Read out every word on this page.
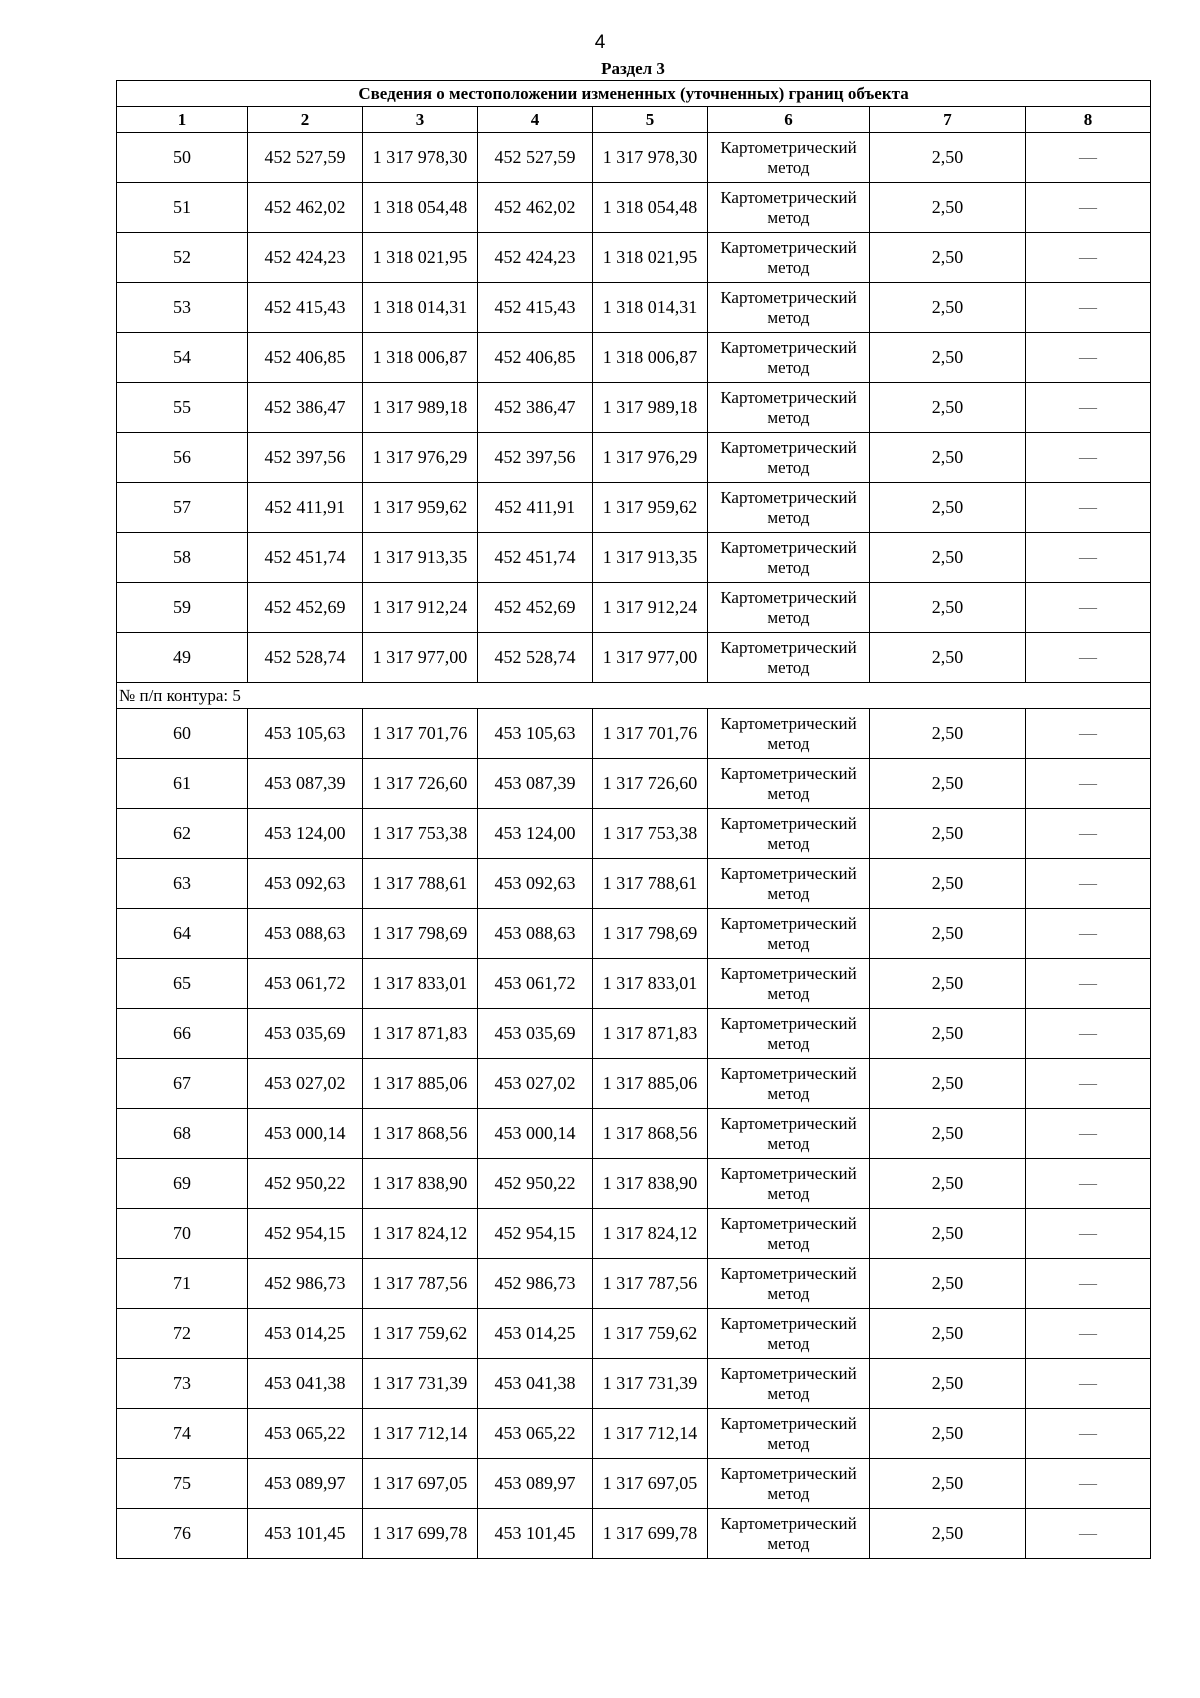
4
Раздел 3
Сведения о местоположении измененных (уточненных) границ объекта							
1	2	3	4	5	6	7	8
50	452 527,59	1 317 978,30	452 527,59	1 317 978,30	Картометрический метод	2,50	—
51	452 462,02	1 318 054,48	452 462,02	1 318 054,48	Картометрический метод	2,50	—
52	452 424,23	1 318 021,95	452 424,23	1 318 021,95	Картометрический метод	2,50	—
53	452 415,43	1 318 014,31	452 415,43	1 318 014,31	Картометрический метод	2,50	—
54	452 406,85	1 318 006,87	452 406,85	1 318 006,87	Картометрический метод	2,50	—
55	452 386,47	1 317 989,18	452 386,47	1 317 989,18	Картометрический метод	2,50	—
56	452 397,56	1 317 976,29	452 397,56	1 317 976,29	Картометрический метод	2,50	—
57	452 411,91	1 317 959,62	452 411,91	1 317 959,62	Картометрический метод	2,50	—
58	452 451,74	1 317 913,35	452 451,74	1 317 913,35	Картометрический метод	2,50	—
59	452 452,69	1 317 912,24	452 452,69	1 317 912,24	Картометрический метод	2,50	—
49	452 528,74	1 317 977,00	452 528,74	1 317 977,00	Картометрический метод	2,50	—
№ п/п контура: 5							
60	453 105,63	1 317 701,76	453 105,63	1 317 701,76	Картометрический метод	2,50	—
61	453 087,39	1 317 726,60	453 087,39	1 317 726,60	Картометрический метод	2,50	—
62	453 124,00	1 317 753,38	453 124,00	1 317 753,38	Картометрический метод	2,50	—
63	453 092,63	1 317 788,61	453 092,63	1 317 788,61	Картометрический метод	2,50	—
64	453 088,63	1 317 798,69	453 088,63	1 317 798,69	Картометрический метод	2,50	—
65	453 061,72	1 317 833,01	453 061,72	1 317 833,01	Картометрический метод	2,50	—
66	453 035,69	1 317 871,83	453 035,69	1 317 871,83	Картометрический метод	2,50	—
67	453 027,02	1 317 885,06	453 027,02	1 317 885,06	Картометрический метод	2,50	—
68	453 000,14	1 317 868,56	453 000,14	1 317 868,56	Картометрический метод	2,50	—
69	452 950,22	1 317 838,90	452 950,22	1 317 838,90	Картометрический метод	2,50	—
70	452 954,15	1 317 824,12	452 954,15	1 317 824,12	Картометрический метод	2,50	—
71	452 986,73	1 317 787,56	452 986,73	1 317 787,56	Картометрический метод	2,50	—
72	453 014,25	1 317 759,62	453 014,25	1 317 759,62	Картометрический метод	2,50	—
73	453 041,38	1 317 731,39	453 041,38	1 317 731,39	Картометрический метод	2,50	—
74	453 065,22	1 317 712,14	453 065,22	1 317 712,14	Картометрический метод	2,50	—
75	453 089,97	1 317 697,05	453 089,97	1 317 697,05	Картометрический метод	2,50	—
76	453 101,45	1 317 699,78	453 101,45	1 317 699,78	Картометрический метод	2,50	—
